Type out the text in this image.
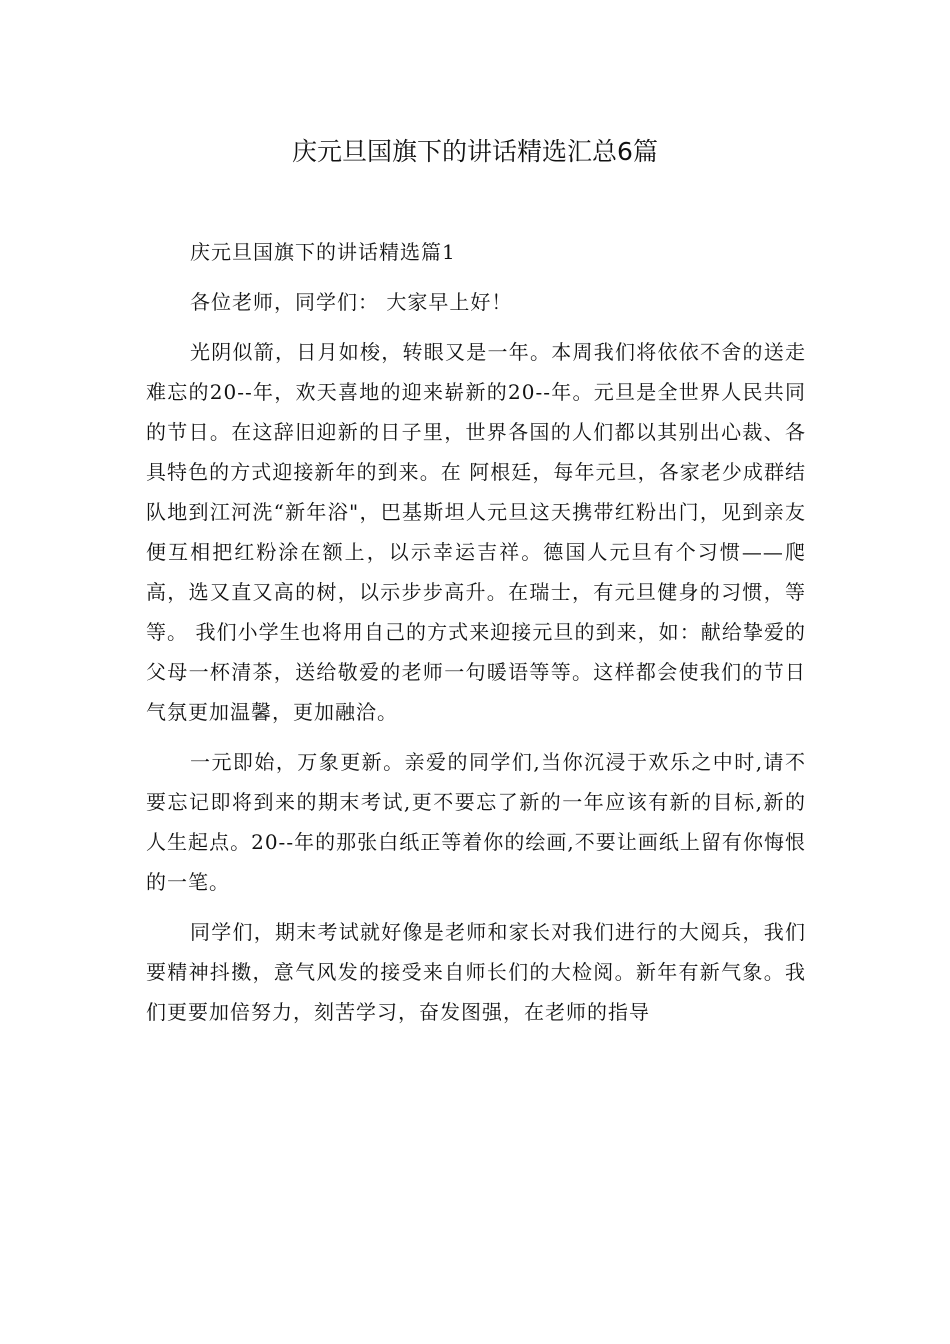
庆元旦国旗下的讲话精选汇总6篇

庆元旦国旗下的讲话精选篇1

各位老师，同学们： 大家早上好！

光阴似箭，日月如梭，转眼又是一年。本周我们将依依不舍的送走难忘的20--年，欢天喜地的迎来崭新的20--年。元旦是全世界人民共同的节日。在这辞旧迎新的日子里，世界各国的人们都以其别出心裁、各具特色的方式迎接新年的到来。在 阿根廷，每年元旦，各家老少成群结队地到江河洗“新年浴"，巴基斯坦人元旦这天携带红粉出门，见到亲友便互相把红粉涂在额上，以示幸运吉祥。德国人元旦有个习惯——爬高，选又直又高的树，以示步步高升。在瑞士，有元旦健身的习惯，等等。 我们小学生也将用自己的方式来迎接元旦的到来，如：献给挚爱的父母一杯清茶，送给敬爱的老师一句暖语等等。这样都会使我们的节日气氛更加温馨，更加融洽。

一元即始，万象更新。亲爱的同学们,当你沉浸于欢乐之中时,请不要忘记即将到来的期末考试,更不要忘了新的一年应该有新的目标,新的人生起点。20--年的那张白纸正等着你的绘画,不要让画纸上留有你悔恨的一笔。

同学们，期末考试就好像是老师和家长对我们进行的大阅兵，我们要精神抖擞，意气风发的接受来自师长们的大检阅。新年有新气象。我们更要加倍努力，刻苦学习，奋发图强，在老师的指导
